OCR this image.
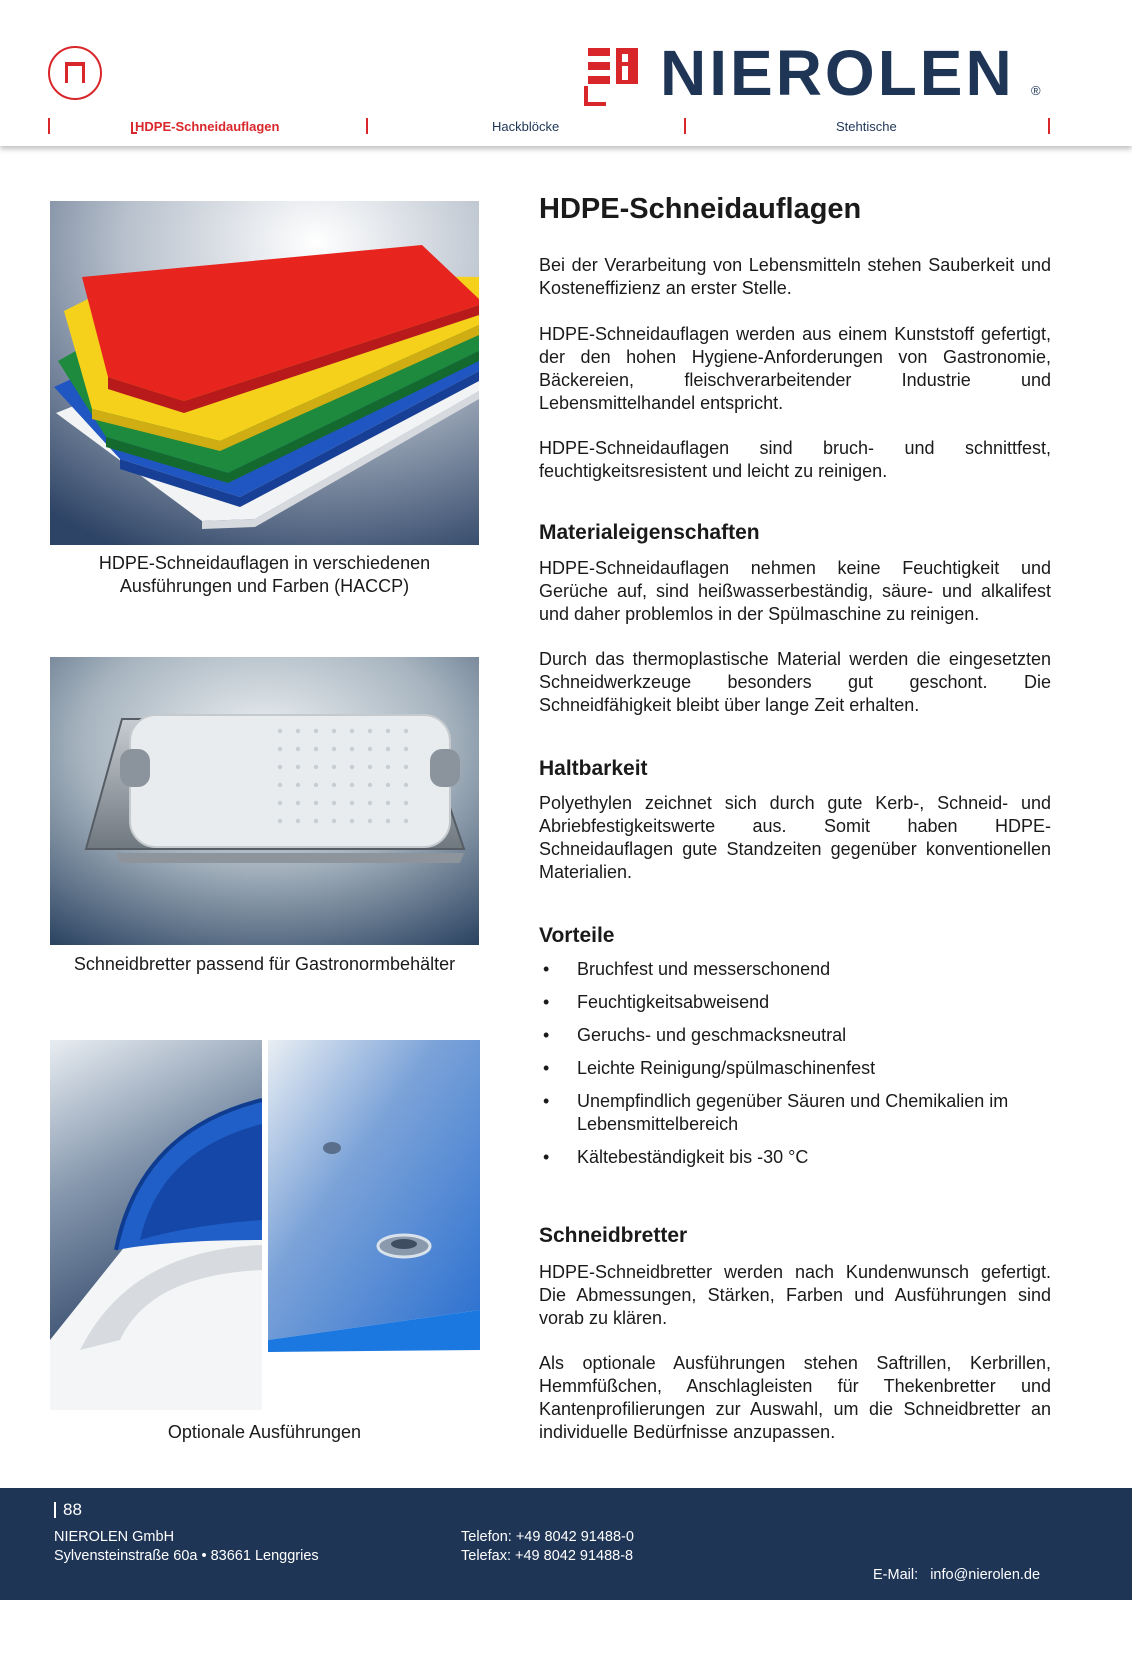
NIEROLEN ®
HDPE-Schneidauflagen	Hackblöcke	Stehtische
HDPE-Schneidauflagen in verschiedenen
Ausführungen und Farben (HACCP)
Schneidbretter passend für Gastronormbehälter
Optionale Ausführungen
HDPE-Schneidauflagen

Bei der Verarbeitung von Lebensmitteln stehen Sauberkeit und Kosteneffizienz an erster Stelle.

HDPE-Schneidauflagen werden aus einem Kunststoff gefertigt, der den hohen Hygiene-Anforderungen von Gastronomie, Bäckereien, fleischverarbeitender Industrie und Lebensmittelhandel entspricht.

HDPE-Schneidauflagen sind bruch- und schnittfest, feuchtigkeitsresistent und leicht zu reinigen.

Materialeigenschaften

HDPE-Schneidauflagen nehmen keine Feuchtigkeit und Gerüche auf, sind heißwasserbeständig, säure- und alkalifest und daher problemlos in der Spülmaschine zu reinigen.

Durch das thermoplastische Material werden die eingesetzten Schneidwerkzeuge besonders gut geschont. Die Schneidfähigkeit bleibt über lange Zeit erhalten.

Haltbarkeit

Polyethylen zeichnet sich durch gute Kerb-, Schneid- und Abriebfestigkeitswerte aus. Somit haben HDPE-Schneidauflagen gute Standzeiten gegenüber konventionellen Materialien.

Vorteile
• Bruchfest und messerschonend
• Feuchtigkeitsabweisend
• Geruchs- und geschmacksneutral
• Leichte Reinigung/spülmaschinenfest
• Unempfindlich gegenüber Säuren und Chemikalien im Lebensmittelbereich
• Kältebeständigkeit bis -30 °C
Schneidbretter

HDPE-Schneidbretter werden nach Kundenwunsch gefertigt. Die Abmessungen, Stärken, Farben und Ausführungen sind vorab zu klären.

Als optionale Ausführungen stehen Saftrillen, Kerbrillen, Hemmfüßchen, Anschlagleisten für Thekenbretter und Kantenprofilierungen zur Auswahl, um die Schneidbretter an individuelle Bedürfnisse anzupassen.

88
NIEROLEN GmbH
Sylvensteinstraße 60a • 83661 Lenggries
Telefon: +49 8042 91488-0
Telefax: +49 8042 91488-8

E-Mail:   info@nierolen.de

Internet: www.nierolen.de
